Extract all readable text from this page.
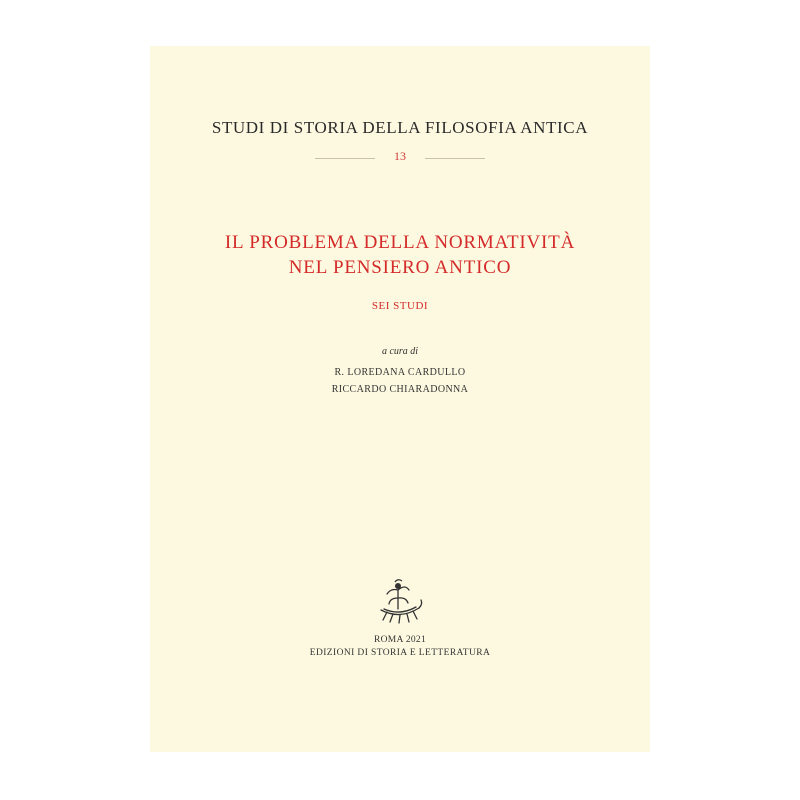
STUDI DI STORIA DELLA FILOSOFIA ANTICA
13
IL PROBLEMA DELLA NORMATIVITÀ
NEL PENSIERO ANTICO
SEI STUDI
a cura di
R. LOREDANA CARDULLO
RICCARDO CHIARADONNA
ROMA 2021
EDIZIONI DI STORIA E LETTERATURA
